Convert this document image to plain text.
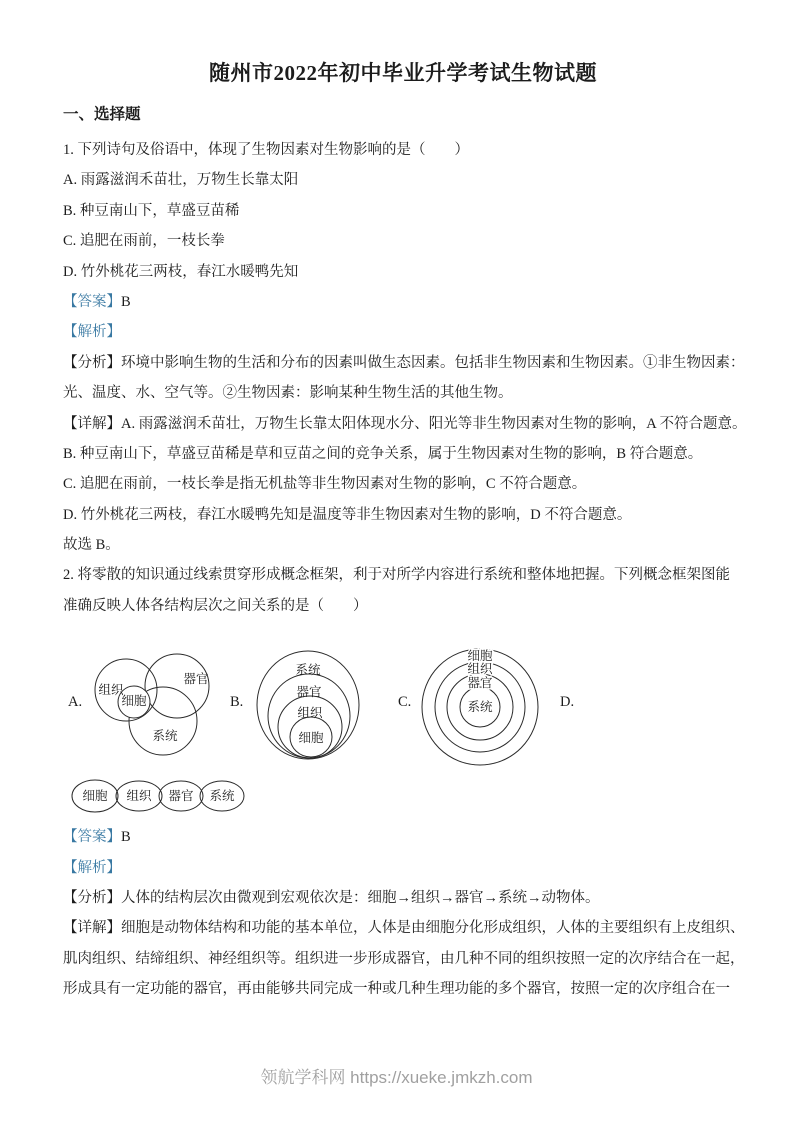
随州市2022年初中毕业升学考试生物试题
一、选择题
1. 下列诗句及俗语中，体现了生物因素对生物影响的是（　　）
A. 雨露滋润禾苗壮，万物生长靠太阳
B. 种豆南山下，草盛豆苗稀
C. 追肥在雨前，一枝长拳
D. 竹外桃花三两枝，春江水暖鸭先知
【答案】B
【解析】
【分析】环境中影响生物的生活和分布的因素叫做生态因素。包括非生物因素和生物因素。①非生物因素：
光、温度、水、空气等。②生物因素：影响某种生物生活的其他生物。
【详解】A. 雨露滋润禾苗壮，万物生长靠太阳体现水分、阳光等非生物因素对生物的影响，A 不符合题意。
B. 种豆南山下，草盛豆苗稀是草和豆苗之间的竞争关系，属于生物因素对生物的影响，B 符合题意。
C. 追肥在雨前，一枝长拳是指无机盐等非生物因素对生物的影响，C 不符合题意。
D. 竹外桃花三两枝，春江水暖鸭先知是温度等非生物因素对生物的影响，D 不符合题意。
故选 B。
2. 将零散的知识通过线索贯穿形成概念框架，利于对所学内容进行系统和整体地把握。下列概念框架图能
准确反映人体各结构层次之间关系的是（　　）
【答案】B
【解析】
【分析】人体的结构层次由微观到宏观依次是：细胞→组织→器官→系统→动物体。
【详解】细胞是动物体结构和功能的基本单位，人体是由细胞分化形成组织，人体的主要组织有上皮组织、
肌肉组织、结缔组织、神经组织等。组织进一步形成器官，由几种不同的组织按照一定的次序结合在一起，
形成具有一定功能的器官，再由能够共同完成一种或几种生理功能的多个器官，按照一定的次序组合在一
A.
组织
器官
细胞
系统
B.
系统
器官
组织
细胞
C.
细胞
组织
器官
系统	D.
细胞 组织 器官 系统
领航学科网 https://xueke.jmkzh.com
